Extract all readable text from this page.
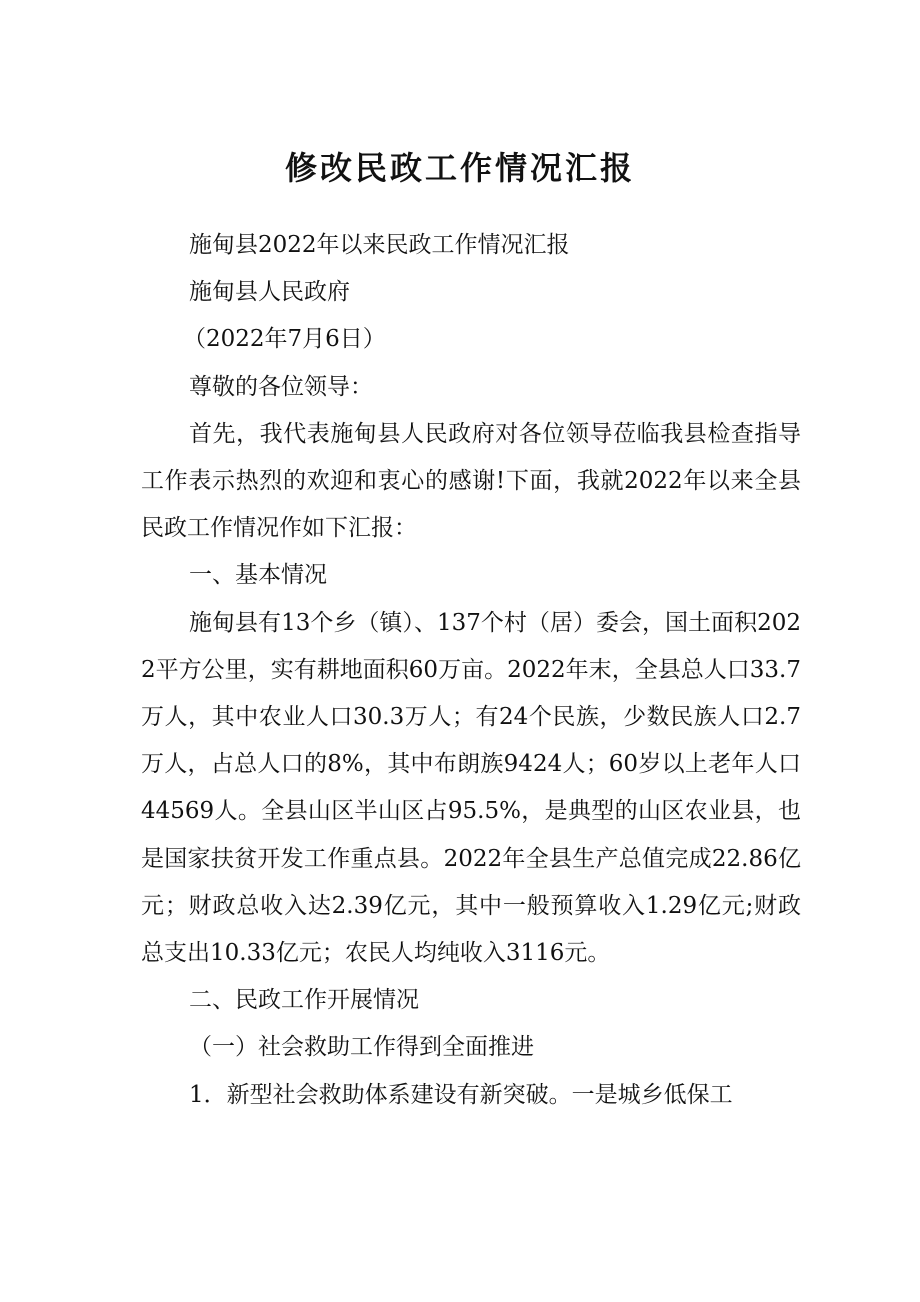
修改民政工作情况汇报

施甸县2022年以来民政工作情况汇报

施甸县人民政府

（2022年7月6日）

尊敬的各位领导：

首先，我代表施甸县人民政府对各位领导莅临我县检查指导工作表示热烈的欢迎和衷心的感谢!下面，我就2022年以来全县民政工作情况作如下汇报：

一、基本情况

施甸县有13个乡（镇）、137个村（居）委会，国土面积2022平方公里，实有耕地面积60万亩。2022年末，全县总人口33.7万人，其中农业人口30.3万人；有24个民族，少数民族人口2.7万人，占总人口的8%，其中布朗族9424人；60岁以上老年人口44569人。全县山区半山区占95.5%，是典型的山区农业县，也是国家扶贫开发工作重点县。2022年全县生产总值完成22.86亿元；财政总收入达2.39亿元，其中一般预算收入1.29亿元;财政总支出10.33亿元；农民人均纯收入3116元。

二、民政工作开展情况

（一）社会救助工作得到全面推进

1．新型社会救助体系建设有新突破。一是城乡低保工
